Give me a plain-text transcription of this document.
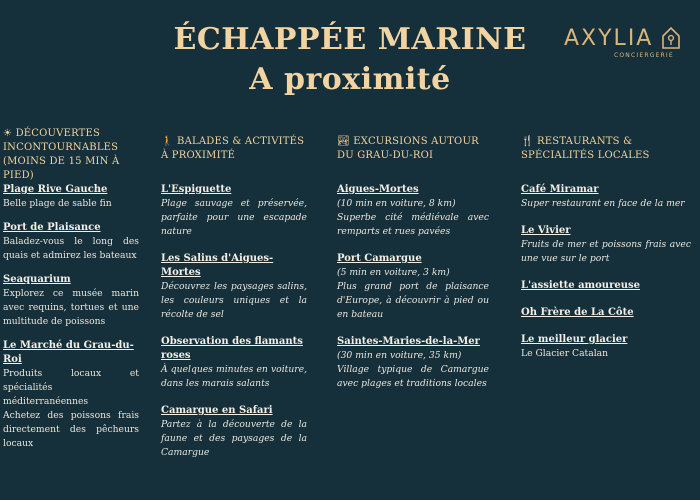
ÉCHAPPÉE MARINE
A proximité
AXYLIA
CONCIERGERIE
☀ DÉCOUVERTES INCONTOURNABLES (MOINS DE 15 MIN À PIED)
Plage Rive Gauche
Belle plage de sable fin
Port de Plaisance
Baladez-vous le long des quais et admirez les bateaux
Seaquarium
Explorez ce musée marin avec requins, tortues et une multitude de poissons
Le Marché du Grau-du-Roi
Produits locaux et spécialités méditerranéennes
Achetez des poissons frais directement des pêcheurs locaux
🚶 BALADES & ACTIVITÉS À PROXIMITÉ
L'Espiguette
Plage sauvage et préservée, parfaite pour une escapade nature
Les Salins d'Aigues-Mortes
Découvrez les paysages salins, les couleurs uniques et la récolte de sel
Observation des flamants roses
À quelques minutes en voiture, dans les marais salants
Camargue en Safari
Partez à la découverte de la faune et des paysages de la Camargue
🏞 EXCURSIONS AUTOUR DU GRAU-DU-ROI
Aigues-Mortes
(10 min en voiture, 8 km)
Superbe cité médiévale avec remparts et rues pavées
Port Camargue
(5 min en voiture, 3 km)
Plus grand port de plaisance d'Europe, à découvrir à pied ou en bateau
Saintes-Maries-de-la-Mer
(30 min en voiture, 35 km)
Village typique de Camargue avec plages et traditions locales
🍴 RESTAURANTS & SPÉCIALITÉS LOCALES
Café Miramar
Super restaurant en face de la mer
Le Vivier
Fruits de mer et poissons frais avec une vue sur le port
L'assiette amoureuse
Oh Frère de La Côte
Le meilleur glacier
Le Glacier Catalan
